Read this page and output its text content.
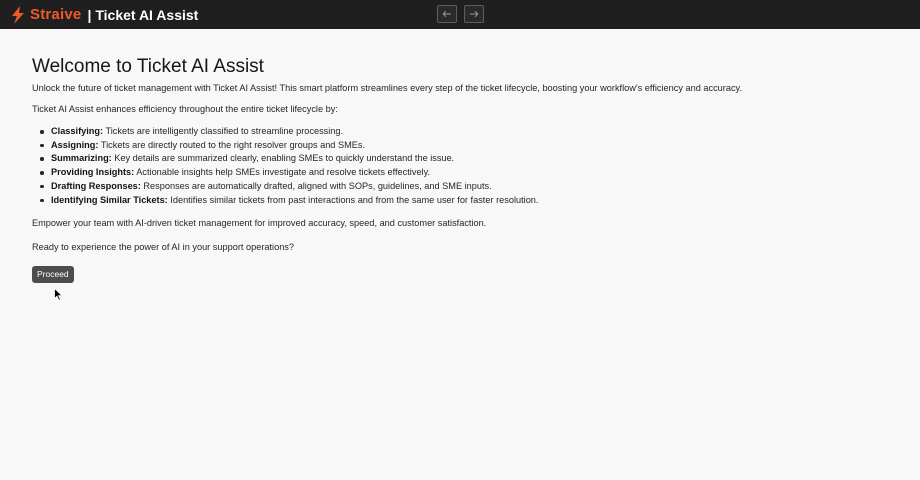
Straive | Ticket AI Assist
Welcome to Ticket AI Assist

Unlock the future of ticket management with Ticket AI Assist! This smart platform streamlines every step of the ticket lifecycle, boosting your workflow's efficiency and accuracy.

Ticket AI Assist enhances efficiency throughout the entire ticket lifecycle by:

Classifying: Tickets are intelligently classified to streamline processing.
Assigning: Tickets are directly routed to the right resolver groups and SMEs.
Summarizing: Key details are summarized clearly, enabling SMEs to quickly understand the issue.
Providing Insights: Actionable insights help SMEs investigate and resolve tickets effectively.
Drafting Responses: Responses are automatically drafted, aligned with SOPs, guidelines, and SME inputs.
Identifying Similar Tickets: Identifies similar tickets from past interactions and from the same user for faster resolution.

Empower your team with AI-driven ticket management for improved accuracy, speed, and customer satisfaction.

Ready to experience the power of AI in your support operations?

Proceed
